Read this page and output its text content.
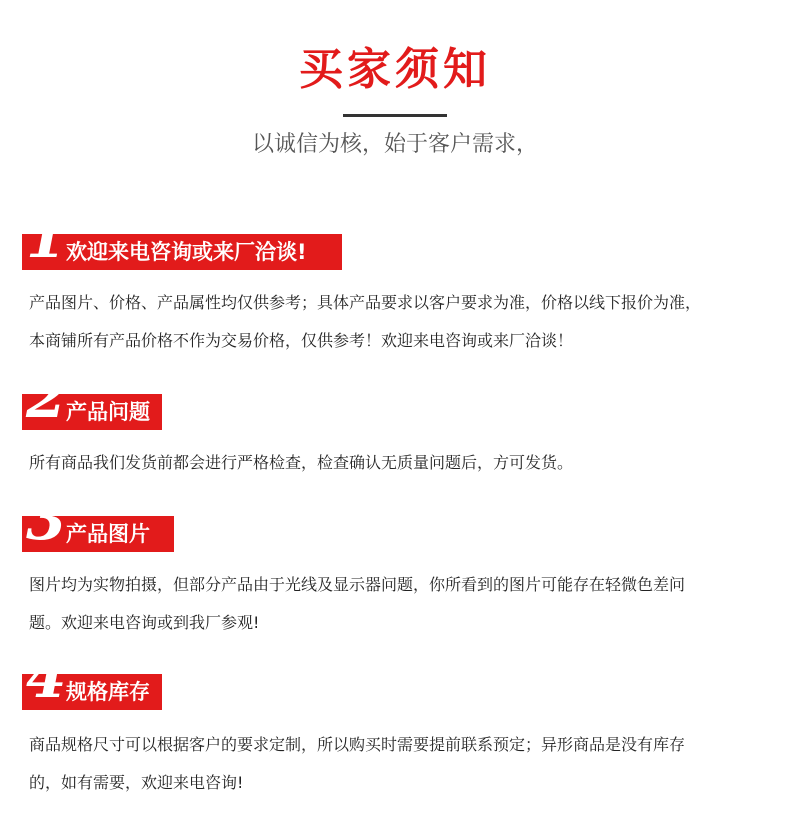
买家须知
以诚信为核，始于客户需求，
1 欢迎来电咨询或来厂洽谈!
产品图片、价格、产品属性均仅供参考；具体产品要求以客户要求为准，价格以线下报价为准，
本商铺所有产品价格不作为交易价格，仅供参考！欢迎来电咨询或来厂洽谈！
2 产品问题
所有商品我们发货前都会进行严格检查，检查确认无质量问题后，方可发货。
3 产品图片
图片均为实物拍摄，但部分产品由于光线及显示器问题，你所看到的图片可能存在轻微色差问
题。欢迎来电咨询或到我厂参观!
4 规格库存
商品规格尺寸可以根据客户的要求定制，所以购买时需要提前联系预定；异形商品是没有库存
的，如有需要，欢迎来电咨询!
